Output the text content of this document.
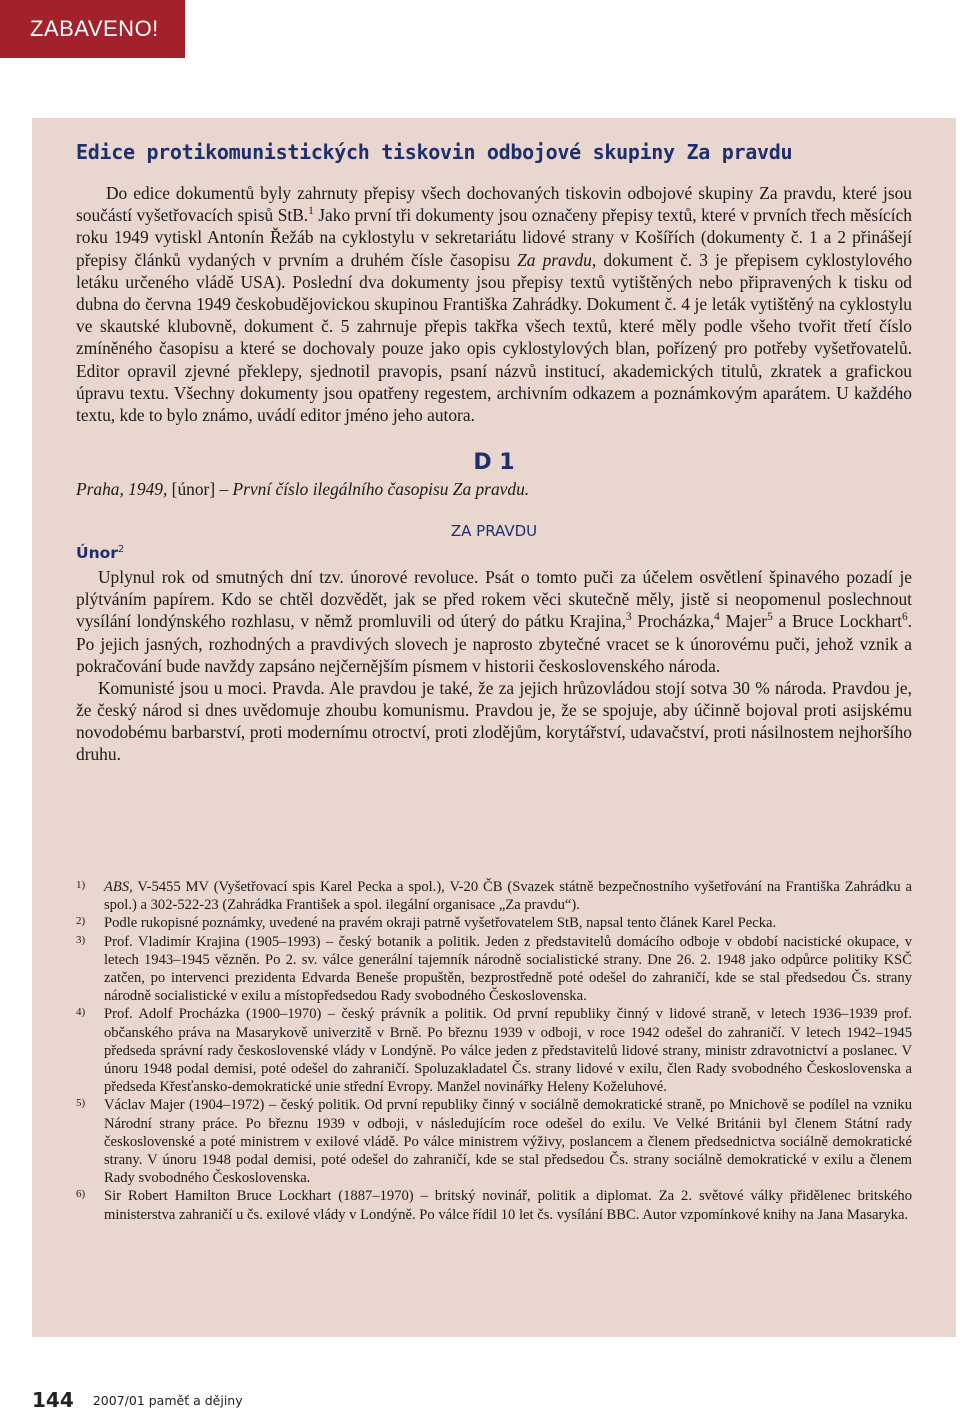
ZABAVENO!
Edice protikomunistických tiskovin odbojové skupiny Za pravdu

Do edice dokumentů byly zahrnuty přepisy všech dochovaných tiskovin odbojové skupiny Za pravdu, které jsou součástí vyšetřovacích spisů StB.$^1$ Jako první tři dokumenty jsou označeny přepisy textů, které v prvních třech měsících roku 1949 vytiskl Antonín Řežáb na cyklostylu v sekretariátu lidové strany v Košířích (dokumenty č. 1 a 2 přinášejí přepisy článků vydaných v prvním a druhém čísle časopisu Za pravdu, dokument č. 3 je přepisem cyklostylového letáku určeného vládě USA). Poslední dva dokumenty jsou přepisy textů vytištěných nebo připravených k tisku od dubna do června 1949 českobudějovickou skupinou Františka Zahrádky. Dokument č. 4 je leták vytištěný na cyklostylu ve skautské klubovně, dokument č. 5 zahrnuje přepis takřka všech textů, které měly podle všeho tvořit třetí číslo zmíněného časopisu a které se dochovaly pouze jako opis cyklostylových blan, pořízený pro potřeby vyšetřovatelů. Editor opravil zjevné překlepy, sjednotil pravopis, psaní názvů institucí, akademických titulů, zkratek a grafickou úpravu textu. Všechny dokumenty jsou opatřeny regestem, archivním odkazem a poznámkovým aparátem. U každého textu, kde to bylo známo, uvádí editor jméno jeho autora.

D 1

Praha, 1949, [únor] – První číslo ilegálního časopisu Za pravdu.

ZA PRAVDU
Únor$^2$

Uplynul rok od smutných dní tzv. únorové revoluce. Psát o tomto puči za účelem osvětlení špinavého pozadí je plýtváním papírem. Kdo se chtěl dozvědět, jak se před rokem věci skutečně měly, jistě si neopomenul poslechnout vysílání londýnského rozhlasu, v němž promluvili od úterý do pátku Krajina,$^3$ Procházka,$^4$ Majer$^5$ a Bruce Lockhart$^6$. Po jejich jasných, rozhodných a pravdivých slovech je naprosto zbytečné vracet se k únorovému puči, jehož vznik a pokračování bude navždy zapsáno nejčernějším písmem v historii československého národa.

Komunisté jsou u moci. Pravda. Ale pravdou je také, že za jejich hrůzovládou stojí sotva 30 % národa. Pravdou je, že český národ si dnes uvědomuje zhoubu komunismu. Pravdou je, že se spojuje, aby účinně bojoval proti asijskému novodobému barbarství, proti modernímu otroctví, proti zlodějům, korytářství, udavačství, proti násilnostem nejhoršího druhu.

1)	ABS, V-5455 MV (Vyšetřovací spis Karel Pecka a spol.), V-20 ČB (Svazek státně bezpečnostního vyšetřování na Františka Zahrádku a spol.) a 302-522-23 (Zahrádka František a spol. ilegální organisace „Za pravdu“).
2)	Podle rukopisné poznámky, uvedené na pravém okraji patrně vyšetřovatelem StB, napsal tento článek Karel Pecka.
3)	Prof. Vladimír Krajina (1905–1993) – český botanik a politik. Jeden z představitelů domácího odboje v období nacistické okupace, v letech 1943–1945 vězněn. Po 2. sv. válce generální tajemník národně socialistické strany. Dne 26. 2. 1948 jako odpůrce politiky KSČ zatčen, po intervenci prezidenta Edvarda Beneše propuštěn, bezprostředně poté odešel do zahraničí, kde se stal předsedou Čs. strany národně socialistické v exilu a místopředsedou Rady svobodného Československa.
4)	Prof. Adolf Procházka (1900–1970) – český právník a politik. Od první republiky činný v lidové straně, v letech 1936–1939 prof. občanského práva na Masarykově univerzitě v Brně. Po březnu 1939 v odboji, v roce 1942 odešel do zahraničí. V letech 1942–1945 předseda správní rady československé vlády v Londýně. Po válce jeden z představitelů lidové strany, ministr zdravotnictví a poslanec. V únoru 1948 podal demisi, poté odešel do zahraničí. Spoluzakladatel Čs. strany lidové v exilu, člen Rady svobodného Československa a předseda Křesťansko-demokratické unie střední Evropy. Manžel novinářky Heleny Koželuhové.
5)	Václav Majer (1904–1972) – český politik. Od první republiky činný v sociálně demokratické straně, po Mnichově se podílel na vzniku Národní strany práce. Po březnu 1939 v odboji, v následujícím roce odešel do exilu. Ve Velké Británii byl členem Státní rady československé a poté ministrem v exilové vládě. Po válce ministrem výživy, poslancem a členem předsednictva sociálně demokratické strany. V únoru 1948 podal demisi, poté odešel do zahraničí, kde se stal předsedou Čs. strany sociálně demokratické v exilu a členem Rady svobodného Československa.
6)	Sir Robert Hamilton Bruce Lockhart (1887–1970) – britský novinář, politik a diplomat. Za 2. světové války přidělenec britského ministerstva zahraničí u čs. exilové vlády v Londýně. Po válce řídil 10 let čs. vysílání BBC. Autor vzpomínkové knihy na Jana Masaryka.
144 2007/01 paměť a dějiny
